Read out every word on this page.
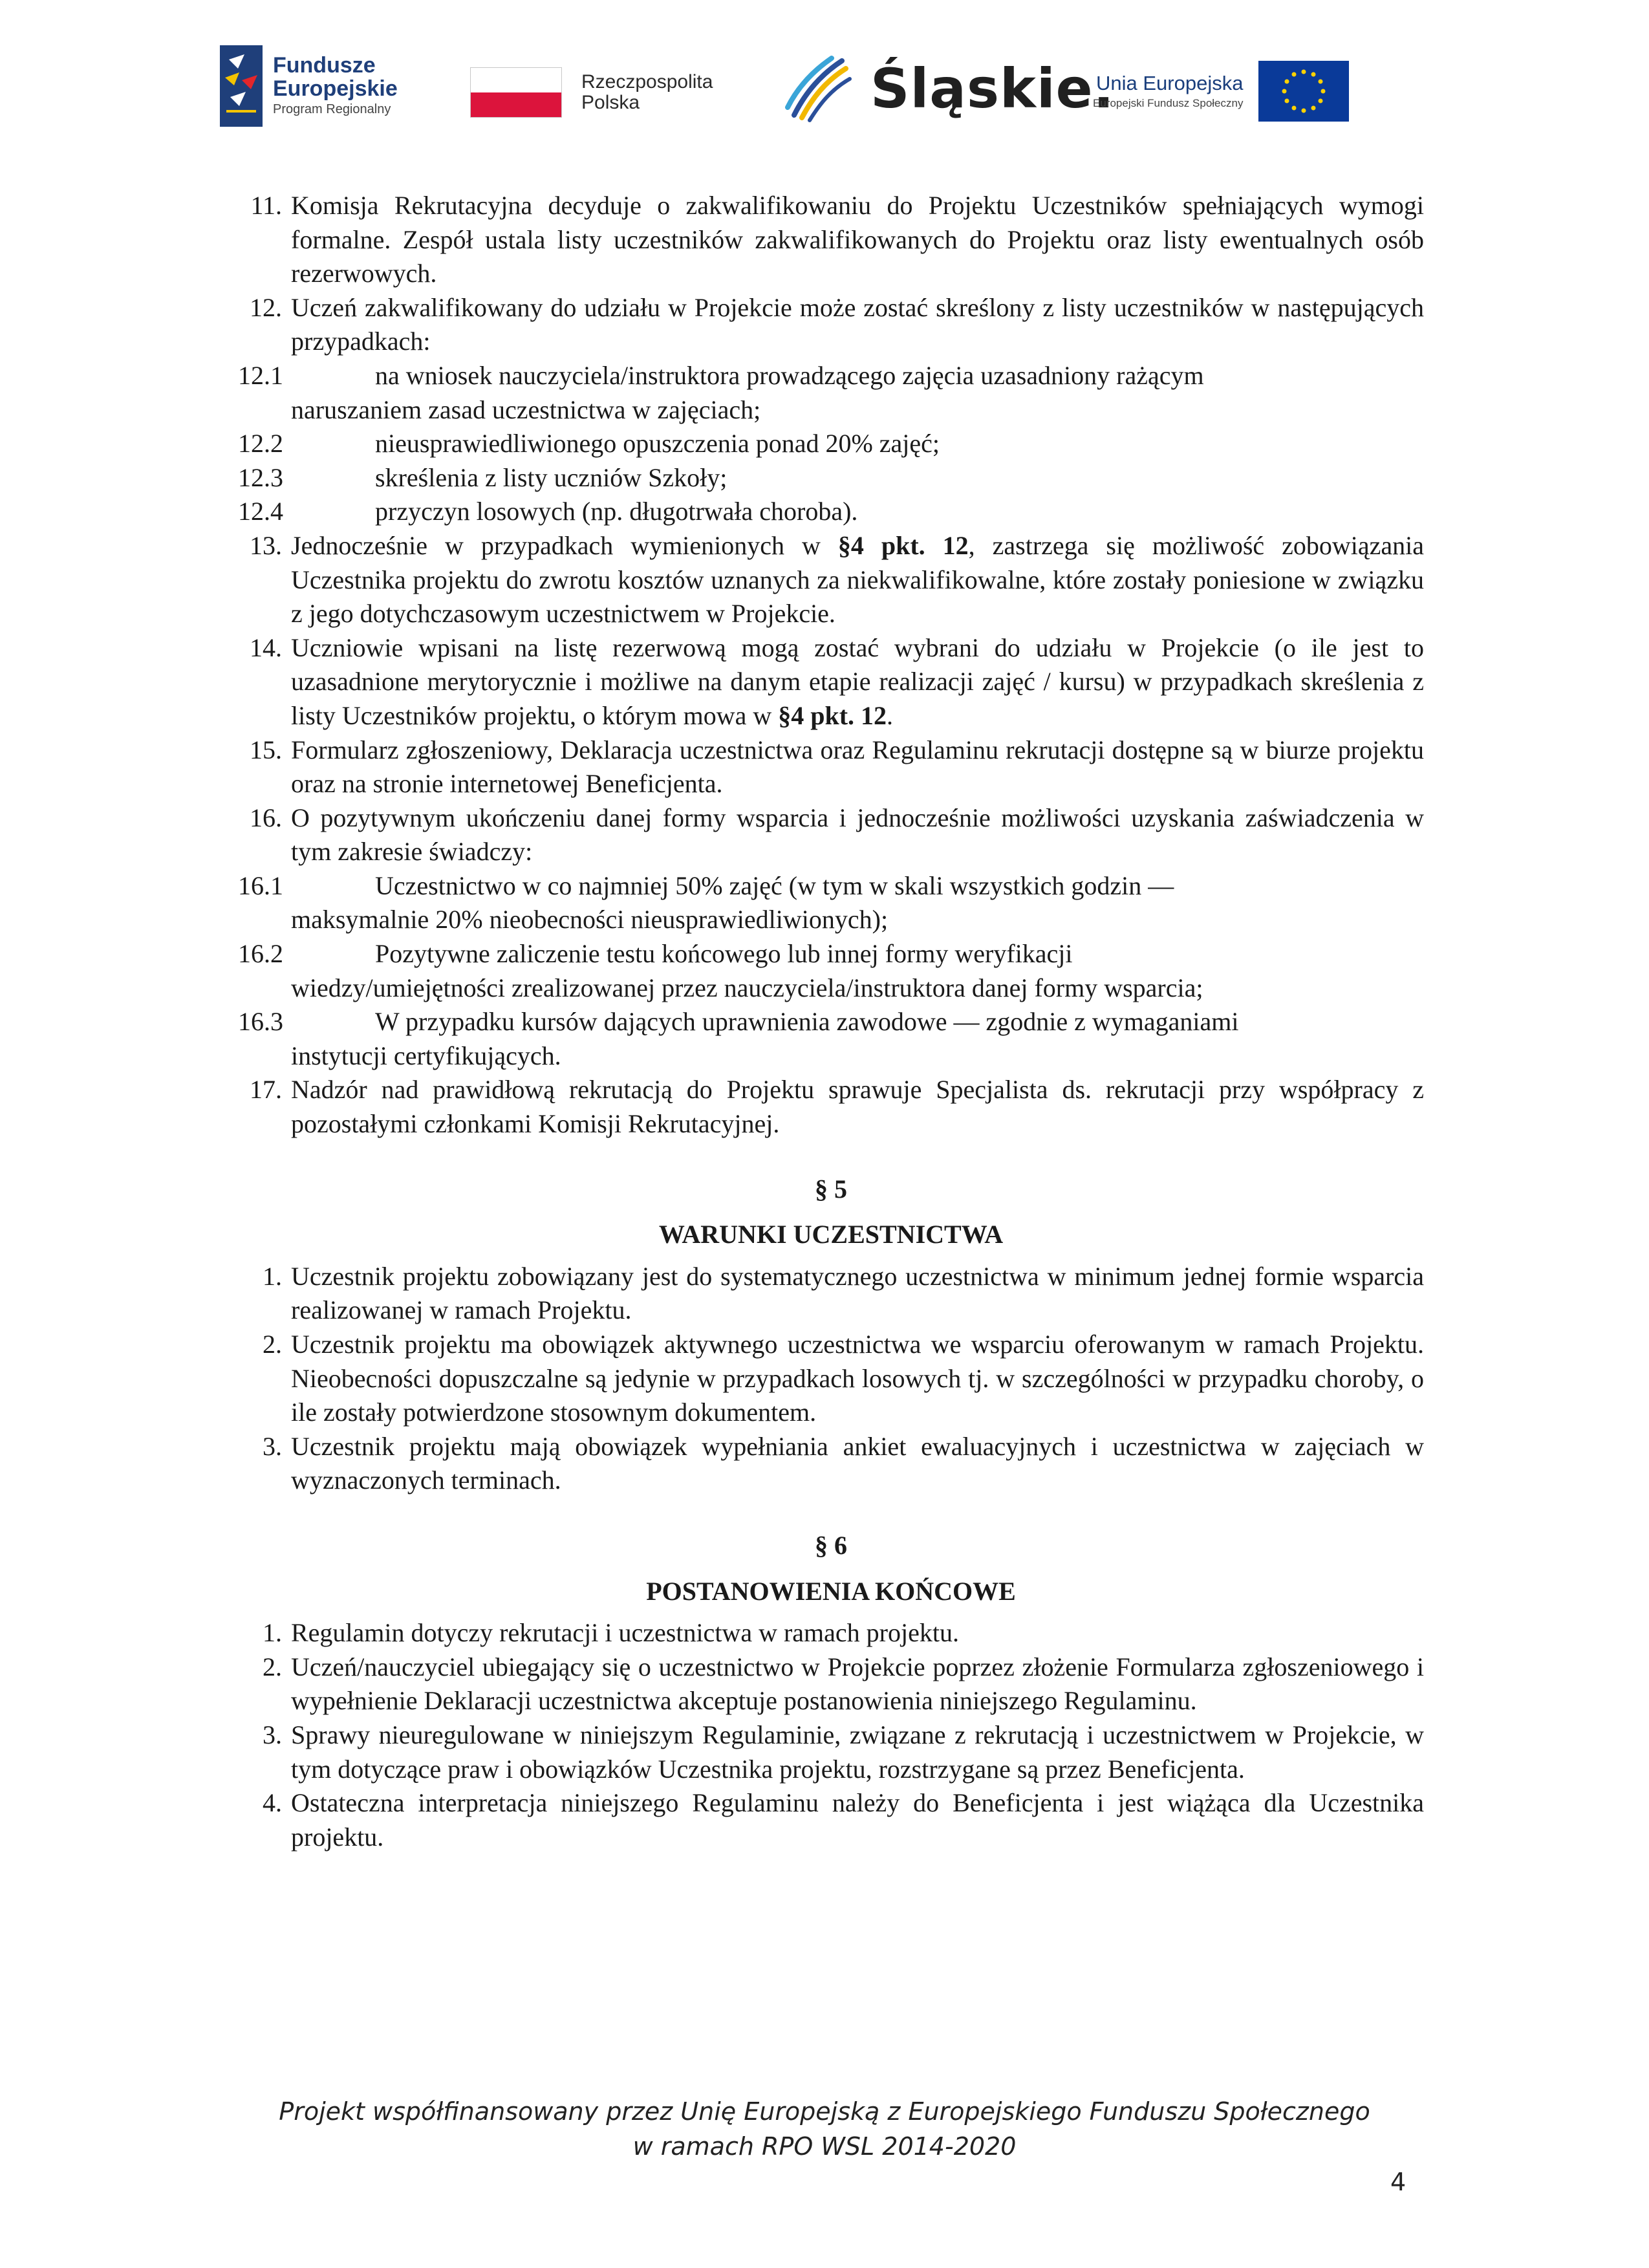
Fundusze
Europejskie
Program Regionalny
Rzeczpospolita
Polska	Śląskie.
Unia Europejska
Europejski Fundusz Społeczny
11. Komisja Rekrutacyjna decyduje o zakwalifikowaniu do Projektu Uczestników spełniających wymogi formalne. Zespół ustala listy uczestników zakwalifikowanych do Projektu oraz listy ewentualnych osób rezerwowych.
12. Uczeń zakwalifikowany do udziału w Projekcie może zostać skreślony z listy uczestników w następujących przypadkach:
12.1	na wniosek nauczyciela/instruktora prowadzącego zajęcia uzasadniony rażącym
naruszaniem zasad uczestnictwa w zajęciach;
12.2	nieusprawiedliwionego opuszczenia ponad 20% zajęć;
12.3	skreślenia z listy uczniów Szkoły;
12.4	przyczyn losowych (np. długotrwała choroba).
13. Jednocześnie w przypadkach wymienionych w §4 pkt. 12, zastrzega się możliwość zobowiązania Uczestnika projektu do zwrotu kosztów uznanych za niekwalifikowalne, które zostały poniesione w związku z jego dotychczasowym uczestnictwem w Projekcie.
14. Uczniowie wpisani na listę rezerwową mogą zostać wybrani do udziału w Projekcie (o ile jest to uzasadnione merytorycznie i możliwe na danym etapie realizacji zajęć / kursu) w przypadkach skreślenia z listy Uczestników projektu, o którym mowa w §4 pkt. 12.
15. Formularz zgłoszeniowy, Deklaracja uczestnictwa oraz Regulaminu rekrutacji dostępne są w biurze projektu oraz na stronie internetowej Beneficjenta.
16. O pozytywnym ukończeniu danej formy wsparcia i jednocześnie możliwości uzyskania zaświadczenia w tym zakresie świadczy:
16.1	Uczestnictwo w co najmniej 50% zajęć (w tym w skali wszystkich godzin —
maksymalnie 20% nieobecności nieusprawiedliwionych);
16.2	Pozytywne zaliczenie testu końcowego lub innej formy weryfikacji
wiedzy/umiejętności zrealizowanej przez nauczyciela/instruktora danej formy wsparcia;
16.3	W przypadku kursów dających uprawnienia zawodowe — zgodnie z wymaganiami
instytucji certyfikujących.
17. Nadzór nad prawidłową rekrutacją do Projektu sprawuje Specjalista ds. rekrutacji przy współpracy z pozostałymi członkami Komisji Rekrutacyjnej.

§ 5

WARUNKI UCZESTNICTWA

1. Uczestnik projektu zobowiązany jest do systematycznego uczestnictwa w minimum jednej formie wsparcia realizowanej w ramach Projektu.
2. Uczestnik projektu ma obowiązek aktywnego uczestnictwa we wsparciu oferowanym w ramach Projektu. Nieobecności dopuszczalne są jedynie w przypadkach losowych tj. w szczególności w przypadku choroby, o ile zostały potwierdzone stosownym dokumentem.
3. Uczestnik projektu mają obowiązek wypełniania ankiet ewaluacyjnych i uczestnictwa w zajęciach w wyznaczonych terminach.

§ 6

POSTANOWIENIA KOŃCOWE

1. Regulamin dotyczy rekrutacji i uczestnictwa w ramach projektu.
2. Uczeń/nauczyciel ubiegający się o uczestnictwo w Projekcie poprzez złożenie Formularza zgłoszeniowego i wypełnienie Deklaracji uczestnictwa akceptuje postanowienia niniejszego Regulaminu.
3. Sprawy nieuregulowane w niniejszym Regulaminie, związane z rekrutacją i uczestnictwem w Projekcie, w tym dotyczące praw i obowiązków Uczestnika projektu, rozstrzygane są przez Beneficjenta.
4. Ostateczna interpretacja niniejszego Regulaminu należy do Beneficjenta i jest wiążąca dla Uczestnika projektu.
Projekt współfinansowany przez Unię Europejską z Europejskiego Funduszu Społecznego
w ramach RPO WSL 2014-2020
4
